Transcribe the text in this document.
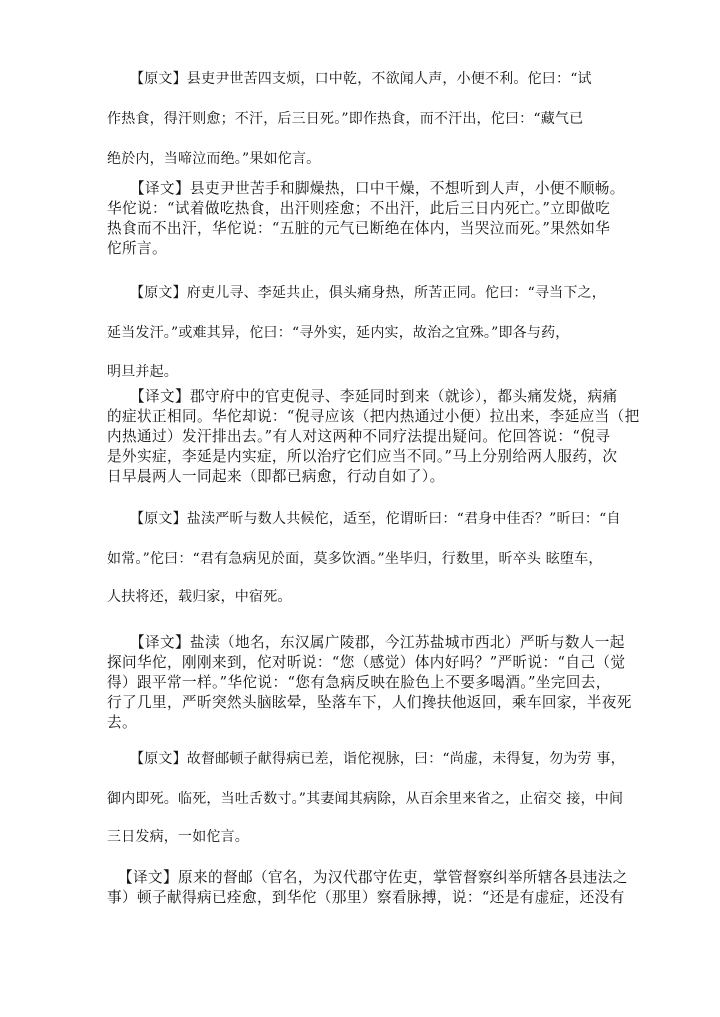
【原文】县吏尹世苦四支烦，口中乾，不欲闻人声，小便不利。佗曰：“试
作热食，得汗则愈；不汗，后三日死。”即作热食，而不汗出，佗曰：“藏气已
绝於内，当啼泣而绝。”果如佗言。
【译文】县吏尹世苦手和脚燥热，口中干燥，不想听到人声，小便不顺畅。
华佗说：“试着做吃热食，出汗则痊愈；不出汗，此后三日内死亡。”立即做吃
热食而不出汗，华佗说：“五脏的元气已断绝在体内，当哭泣而死。”果然如华
佗所言。
【原文】府吏儿寻、李延共止，俱头痛身热，所苦正同。佗曰：“寻当下之，
延当发汗。”或难其异，佗曰：“寻外实，延内实，故治之宜殊。”即各与药，
明旦并起。
【译文】郡守府中的官吏倪寻、李延同时到来（就诊），都头痛发烧，病痛
的症状正相同。华佗却说：“倪寻应该（把内热通过小便）拉出来，李延应当（把
内热通过）发汗排出去。”有人对这两种不同疗法提出疑问。佗回答说：“倪寻
是外实症，李延是内实症，所以治疗它们应当不同。”马上分别给两人服药，次
日早晨两人一同起来（即都已病愈，行动自如了）。
【原文】盐渎严昕与数人共候佗，适至，佗谓昕曰：“君身中佳否？”昕曰：“自
如常。”佗曰：“君有急病见於面，莫多饮酒。”坐毕归，行数里，昕卒头 眩堕车，
人扶将还，载归家，中宿死。
【译文】盐渎（地名，东汉属广陵郡，今江苏盐城市西北）严昕与数人一起
探问华佗，刚刚来到，佗对昕说：“您（感觉）体内好吗？”严昕说：“自己（觉
得）跟平常一样。”华佗说：“您有急病反映在脸色上不要多喝酒。”坐完回去，
行了几里，严昕突然头脑眩晕，坠落车下，人们搀扶他返回，乘车回家，半夜死
去。
【原文】故督邮顿子献得病已差，诣佗视脉，曰：“尚虚，未得复，勿为劳 事，
御内即死。临死，当吐舌数寸。”其妻闻其病除，从百余里来省之，止宿交 接，中间
三日发病，一如佗言。
【译文】原来的督邮（官名，为汉代郡守佐吏，掌管督察纠举所辖各县违法之
事）顿子献得病已痊愈，到华佗（那里）察看脉搏，说：“还是有虚症，还没有
